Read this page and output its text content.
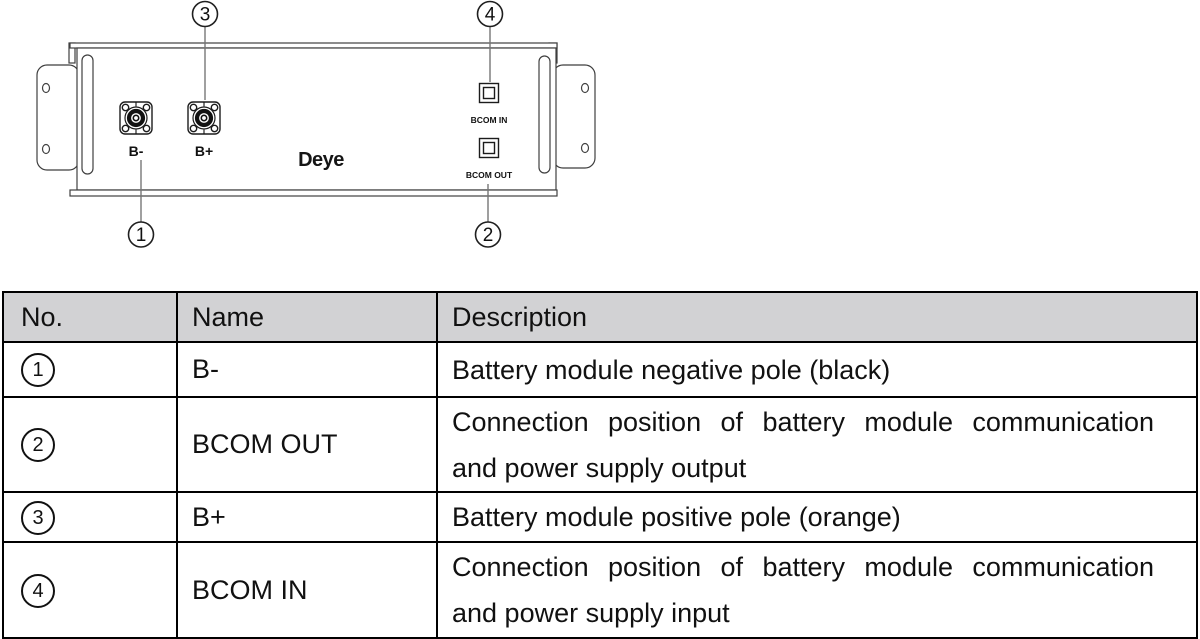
B-	B+	Deye
BCOM IN
BCOM OUT
1	2
3	4
No.	Name	Description
1	B-	Battery module negative pole (black)

2	BCOM OUT	Connection position of battery module communication
and power supply output

3	B+	Battery module positive pole (orange)

4	BCOM IN	Connection position of battery module communication
and power supply input
